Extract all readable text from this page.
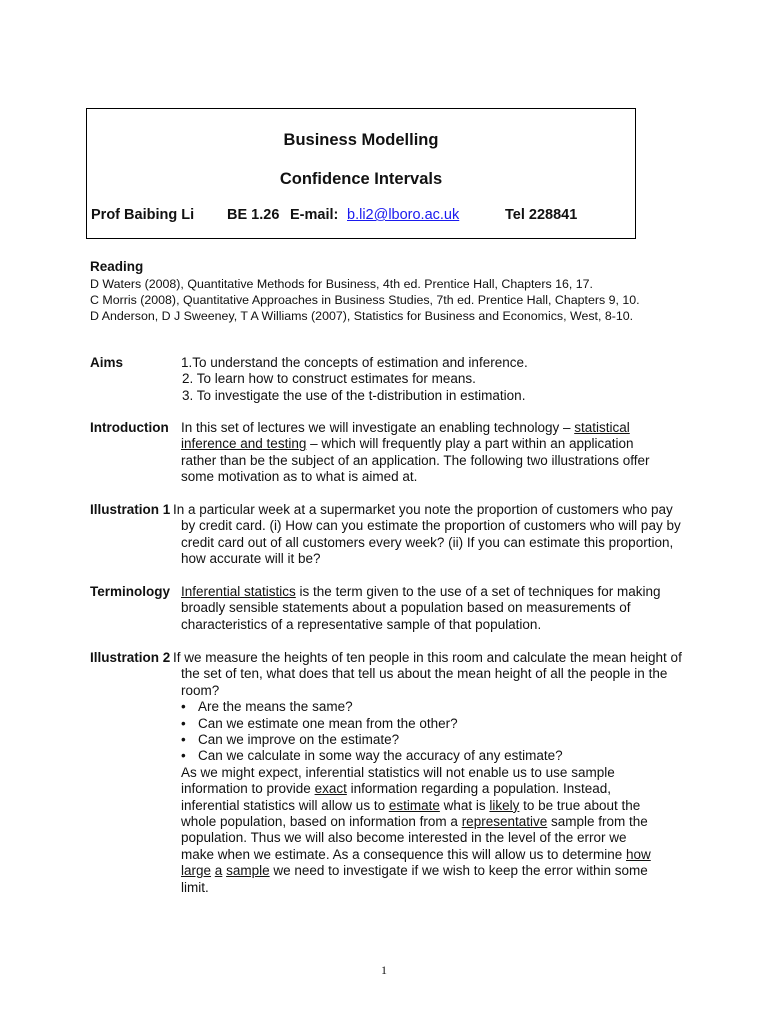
Business Modelling
Confidence Intervals
Prof Baibing Li BE 1.26 E-mail: b.li2@lboro.ac.uk	Tel 228841
Reading
D Waters (2008), Quantitative Methods for Business, 4th ed. Prentice Hall, Chapters 16, 17.
C Morris (2008), Quantitative Approaches in Business Studies, 7th ed. Prentice Hall, Chapters 9, 10.
D Anderson, D J Sweeney, T A Williams (2007), Statistics for Business and Economics, West, 8-10.
Aims	1.To understand the concepts of estimation and inference.
2. To learn how to construct estimates for means.
3. To investigate the use of the t-distribution in estimation.
Introduction In this set of lectures we will investigate an enabling technology – statistical inference and testing – which will frequently play a part within an application rather than be the subject of an application. The following two illustrations offer some motivation as to what is aimed at.

Illustration 1 In a particular week at a supermarket you note the proportion of customers who pay by credit card. (i) How can you estimate the proportion of customers who will pay by credit card out of all customers every week? (ii) If you can estimate this proportion, how accurate will it be?

Terminology Inferential statistics is the term given to the use of a set of techniques for making broadly sensible statements about a population based on measurements of characteristics of a representative sample of that population.

Illustration 2 If we measure the heights of ten people in this room and calculate the mean height of the set of ten, what does that tell us about the mean height of all the people in the room?

• Are the means the same?
• Can we estimate one mean from the other?
• Can we improve on the estimate?
• Can we calculate in some way the accuracy of any estimate?

As we might expect, inferential statistics will not enable us to use sample information to provide exact information regarding a population. Instead, inferential statistics will allow us to estimate what is likely to be true about the whole population, based on information from a representative sample from the population. Thus we will also become interested in the level of the error we make when we estimate. As a consequence this will allow us to determine how large a sample we need to investigate if we wish to keep the error within some limit.

1
